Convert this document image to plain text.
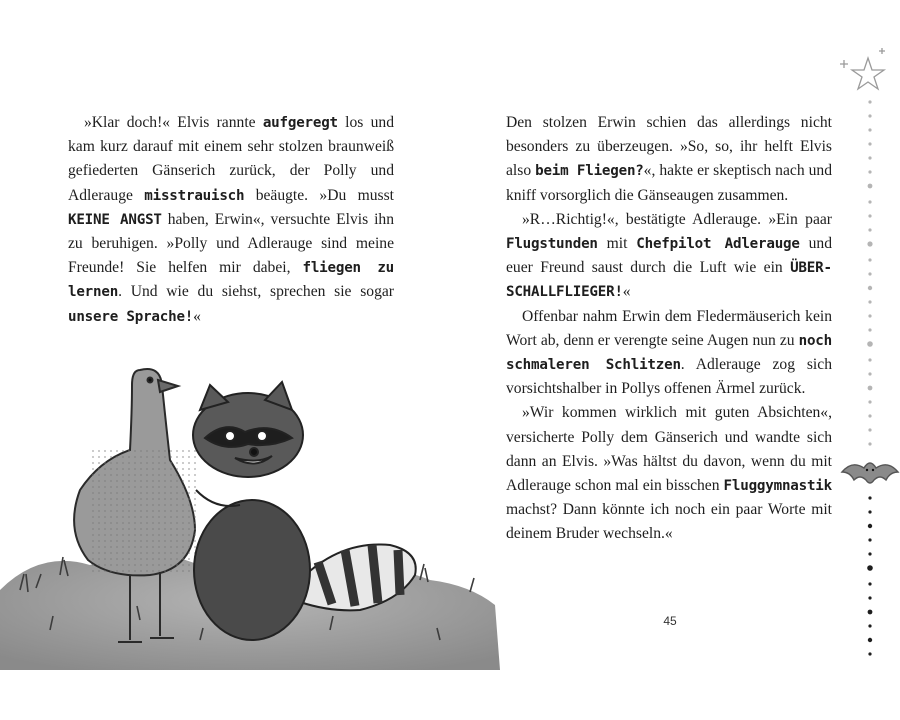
»Klar doch!« Elvis rannte aufgeregt los und kam kurz darauf mit einem sehr stolzen braunweiß gefiederten Gänserich zurück, der Polly und Adlerauge misstrauisch beäugte. »Du musst KEINE ANGST haben, Erwin«, versuchte Elvis ihn zu beruhigen. »Polly und Adlerauge sind meine Freunde! Sie helfen mir dabei, fliegen zu lernen. Und wie du siehst, sprechen sie sogar unsere Sprache!«

Den stolzen Erwin schien das allerdings nicht besonders zu überzeugen. »So, so, ihr helft Elvis also beim Fliegen?«, hakte er skeptisch nach und kniff vorsorglich die Gänseaugen zusammen.

»R…Richtig!«, bestätigte Adlerauge. »Ein paar Flugstunden mit Chefpilot Adlerauge und euer Freund saust durch die Luft wie ein ÜBERSCHALLFLIEGER!«

Offenbar nahm Erwin dem Fledermäuserich kein Wort ab, denn er verengte seine Augen nun zu noch schmaleren Schlitzen. Adlerauge zog sich vorsichtshalber in Pollys offenen Ärmel zurück.

»Wir kommen wirklich mit guten Absichten«, versicherte Polly dem Gänserich und wandte sich dann an Elvis. »Was hältst du davon, wenn du mit Adlerauge schon mal ein bisschen Fluggymnastik machst? Dann könnte ich noch ein paar Worte mit deinem Bruder wechseln.«

45
